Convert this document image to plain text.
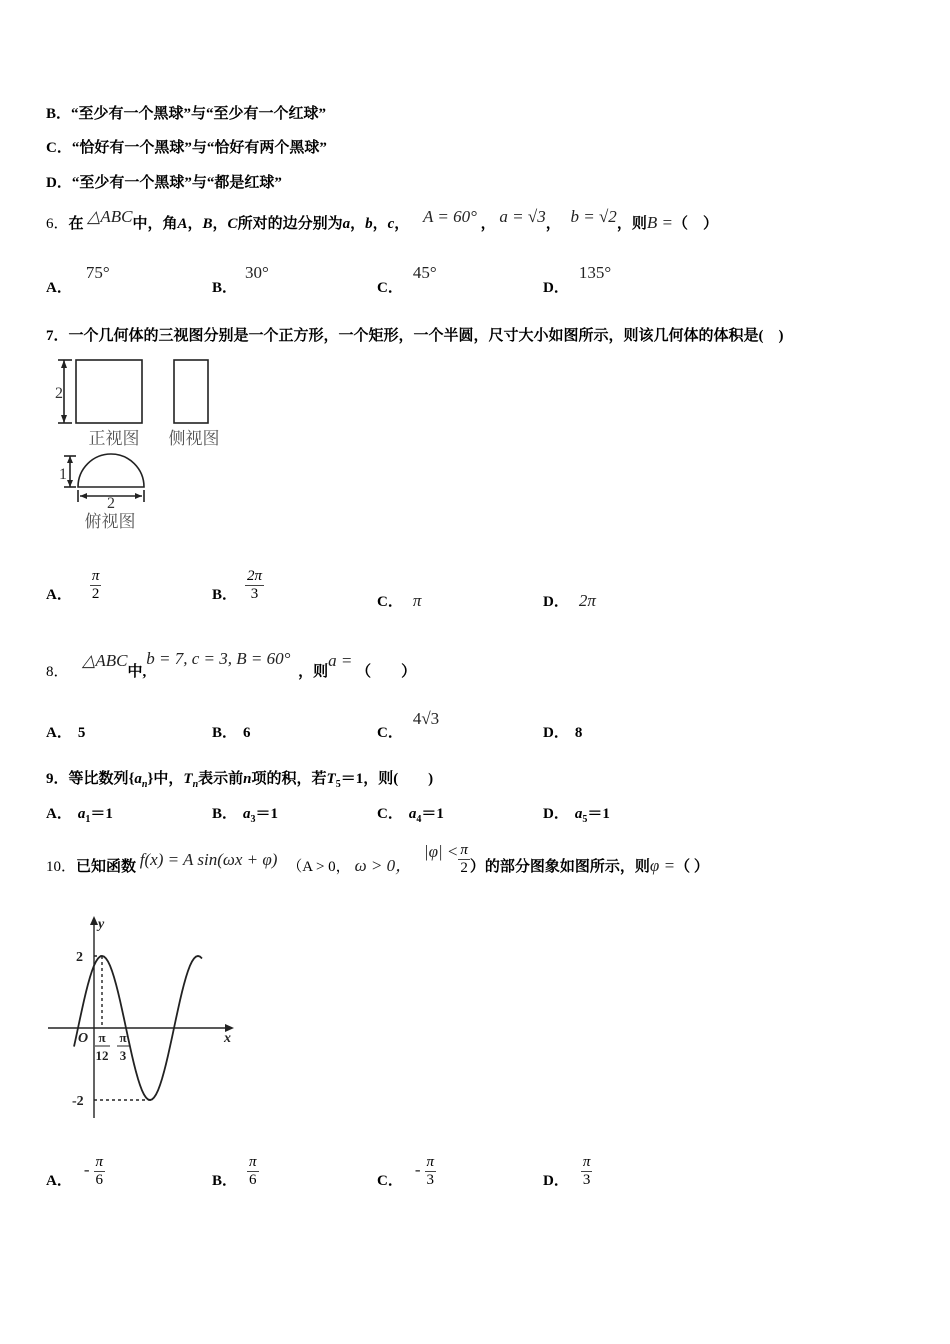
B．“至少有一个黑球”与“至少有一个红球”
C．“恰好有一个黑球”与“恰好有两个黑球”
D．“至少有一个黑球”与“都是红球”
6．在 △ABC中，角A，B，C所对的边分别为a，b，c， A = 60° ， a = √3， b = √2，则B =（　）
A．75°
B．30°
C．45°
D．135°
7．一个几何体的三视图分别是一个正方形，一个矩形，一个半圆，尺寸大小如图所示，则该几何体的体积是(　)
2
1
2
正视图 侧视图
俯视图
A． $\frac{\pi}{2}$	B． $\frac{2\pi}{3}$	C． π	D． 2π
8． △ABC中,b = 7, c = 3, B = 60° ，则a = （　　）
A． 5	B． 6	C．4√3
D． 8
9．等比数列$\{a_n\}$中，$T_n$表示前n项的积，若$T_5=1$，则(　　)
A． $a_1=1$	B． $a_3=1$	C． $a_4=1$	D． $a_5=1$
10．已知函数 f(x) = A sin(ωx + φ) （A > 0， ω > 0， $|\varphi| < \frac{\pi}{2}$ ）的部分图象如图所示，则φ =（ ）
y
x
O
2
-2
π
12
π
3
A．- $\frac{\pi}{6}$	B． $\frac{\pi}{6}$	C．- $\frac{\pi}{3}$	D． $\frac{\pi}{3}$
